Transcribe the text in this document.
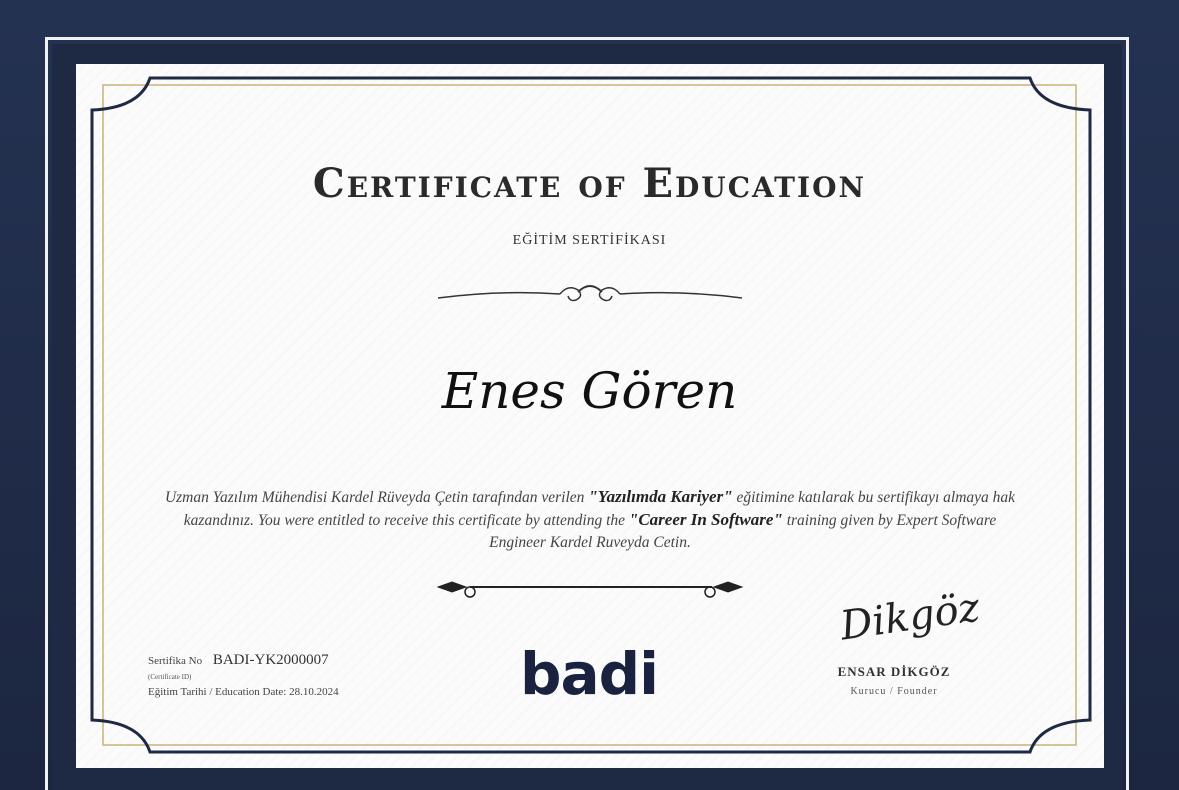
Certificate of Education
EĞİTİM SERTİFİKASI
Enes Gören
Uzman Yazılım Mühendisi Kardel Rüveyda Çetin tarafından verilen "Yazılımda Kariyer" eğitimine katılarak bu sertifikayı almaya hak kazandınız. You were entitled to receive this certificate by attending the "Career In Software" training given by Expert Software Engineer Kardel Ruveyda Cetin.
Sertifika No BADI-YK2000007
(Certificate ID)
Eğitim Tarihi / Education Date: 28.10.2024	badi
Dikgöz
ENSAR DİKGÖZ
Kurucu / Founder
